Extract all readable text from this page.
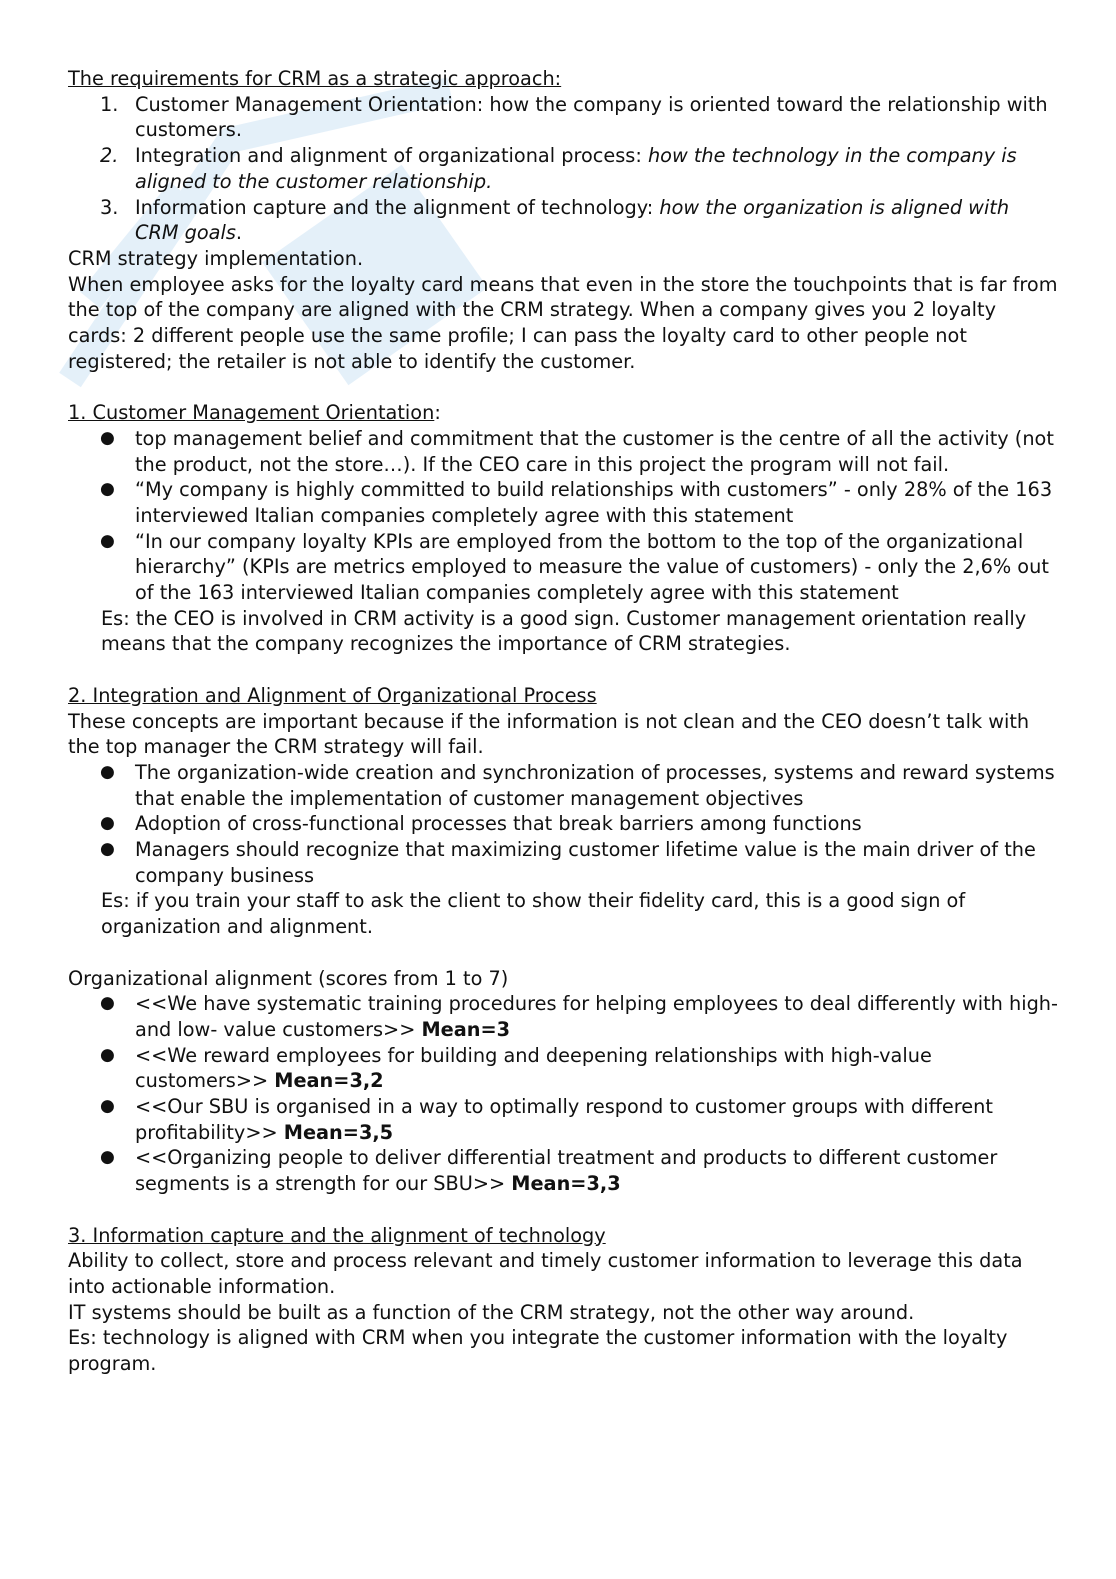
The requirements for CRM as a strategic approach:

1. Customer Management Orientation: how the company is oriented toward the relationship with customers.
2. Integration and alignment of organizational process: how the technology in the company is aligned to the customer relationship.
3. Information capture and the alignment of technology: how the organization is aligned with CRM goals.

CRM strategy implementation.

When employee asks for the loyalty card means that even in the store the touchpoints that is far from the top of the company are aligned with the CRM strategy. When a company gives you 2 loyalty cards: 2 different people use the same profile; I can pass the loyalty card to other people not registered; the retailer is not able to identify the customer.

1. Customer Management Orientation:

● top management belief and commitment that the customer is the centre of all the activity (not the product, not the store…). If the CEO care in this project the program will not fail.
● “My company is highly committed to build relationships with customers” - only 28% of the 163 interviewed Italian companies completely agree with this statement
● “In our company loyalty KPIs are employed from the bottom to the top of the organizational hierarchy” (KPIs are metrics employed to measure the value of customers) - only the 2,6% out of the 163 interviewed Italian companies completely agree with this statement

Es: the CEO is involved in CRM activity is a good sign. Customer management orientation really means that the company recognizes the importance of CRM strategies.

2. Integration and Alignment of Organizational Process

These concepts are important because if the information is not clean and the CEO doesn’t talk with the top manager the CRM strategy will fail.

● The organization-wide creation and synchronization of processes, systems and reward systems that enable the implementation of customer management objectives
● Adoption of cross-functional processes that break barriers among functions
● Managers should recognize that maximizing customer lifetime value is the main driver of the company business

Es: if you train your staff to ask the client to show their fidelity card, this is a good sign of organization and alignment.

Organizational alignment (scores from 1 to 7)

● <<We have systematic training procedures for helping employees to deal differently with high- and low- value customers>> Mean=3
● <<We reward employees for building and deepening relationships with high-value customers>> Mean=3,2
● <<Our SBU is organised in a way to optimally respond to customer groups with different profitability>> Mean=3,5
● <<Organizing people to deliver differential treatment and products to different customer segments is a strength for our SBU>> Mean=3,3

3. Information capture and the alignment of technology

Ability to collect, store and process relevant and timely customer information to leverage this data into actionable information.

IT systems should be built as a function of the CRM strategy, not the other way around.

Es: technology is aligned with CRM when you integrate the customer information with the loyalty program.
